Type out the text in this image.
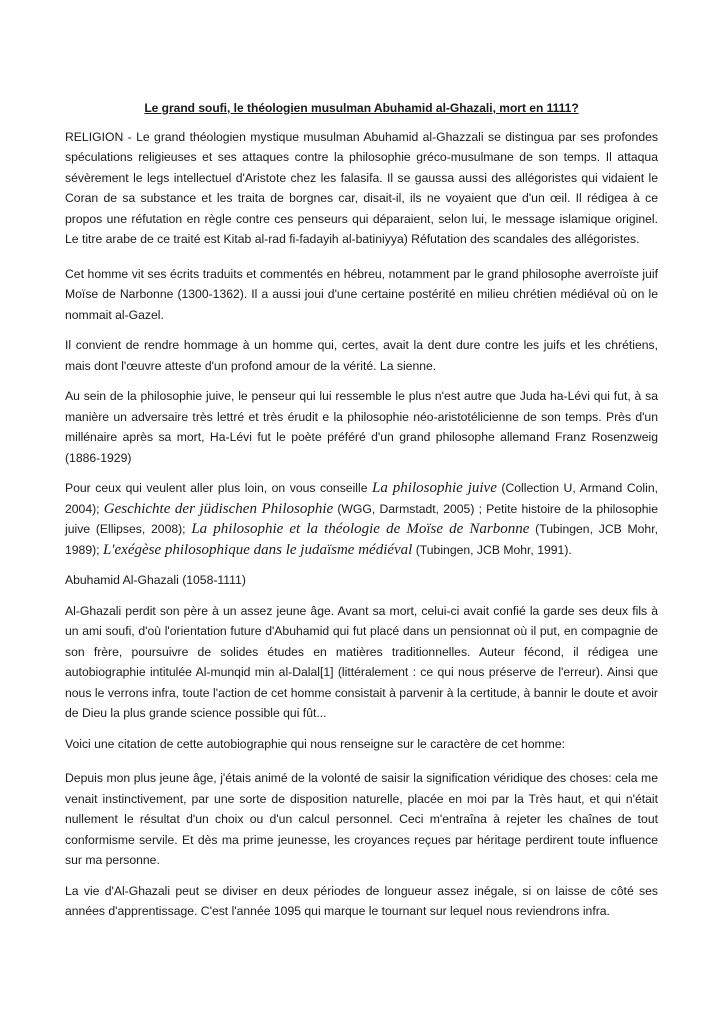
Le grand soufi, le théologien musulman Abuhamid al-Ghazali, mort en 1111?

RELIGION - Le grand théologien mystique musulman Abuhamid al-Ghazzali se distingua par ses profondes spéculations religieuses et ses attaques contre la philosophie gréco-musulmane de son temps. Il attaqua sévèrement le legs intellectuel d'Aristote chez les falasifa. Il se gaussa aussi des allégoristes qui vidaient le Coran de sa substance et les traita de borgnes car, disait-il, ils ne voyaient que d'un œil. Il rédigea à ce propos une réfutation en règle contre ces penseurs qui déparaient, selon lui, le message islamique originel. Le titre arabe de ce traité est Kitab al-rad fi-fadayih al-batiniyya) Réfutation des scandales des allégoristes.

Cet homme vit ses écrits traduits et commentés en hébreu, notamment par le grand philosophe averroïste juif Moïse de Narbonne (1300-1362). Il a aussi joui d'une certaine postérité en milieu chrétien médiéval où on le nommait al-Gazel.

Il convient de rendre hommage à un homme qui, certes, avait la dent dure contre les juifs et les chrétiens, mais dont l'œuvre atteste d'un profond amour de la vérité. La sienne.

Au sein de la philosophie juive, le penseur qui lui ressemble le plus n'est autre que Juda ha-Lévi qui fut, à sa manière un adversaire très lettré et très érudit e la philosophie néo-aristotélicienne de son temps. Près d'un millénaire après sa mort, Ha-Lévi fut le poète préféré d'un grand philosophe allemand Franz Rosenzweig (1886-1929)

Pour ceux qui veulent aller plus loin, on vous conseille La philosophie juive (Collection U, Armand Colin, 2004); Geschichte der jüdischen Philosophie (WGG, Darmstadt, 2005) ; Petite histoire de la philosophie juive (Ellipses, 2008); La philosophie et la théologie de Moïse de Narbonne (Tubingen, JCB Mohr, 1989); L'exégèse philosophique dans le judaïsme médiéval (Tubingen, JCB Mohr, 1991).

Abuhamid Al-Ghazali (1058-1111)

Al-Ghazali perdit son père à un assez jeune âge. Avant sa mort, celui-ci avait confié la garde ses deux fils à un ami soufi, d'où l'orientation future d'Abuhamid qui fut placé dans un pensionnat où il put, en compagnie de son frère, poursuivre de solides études en matières traditionnelles. Auteur fécond, il rédigea une autobiographie intitulée Al-munqid min al-Dalal[1] (littéralement : ce qui nous préserve de l'erreur). Ainsi que nous le verrons infra, toute l'action de cet homme consistait à parvenir à la certitude, à bannir le doute et avoir de Dieu la plus grande science possible qui fût...

Voici une citation de cette autobiographie qui nous renseigne sur le caractère de cet homme:

Depuis mon plus jeune âge, j'étais animé de la volonté de saisir la signification véridique des choses: cela me venait instinctivement, par une sorte de disposition naturelle, placée en moi par la Très haut, et qui n'était nullement le résultat d'un choix ou d'un calcul personnel. Ceci m'entraîna à rejeter les chaînes de tout conformisme servile. Et dès ma prime jeunesse, les croyances reçues par héritage perdirent toute influence sur ma personne.

La vie d'Al-Ghazali peut se diviser en deux périodes de longueur assez inégale, si on laisse de côté ses années d'apprentissage. C'est l'année 1095 qui marque le tournant sur lequel nous reviendrons infra.
